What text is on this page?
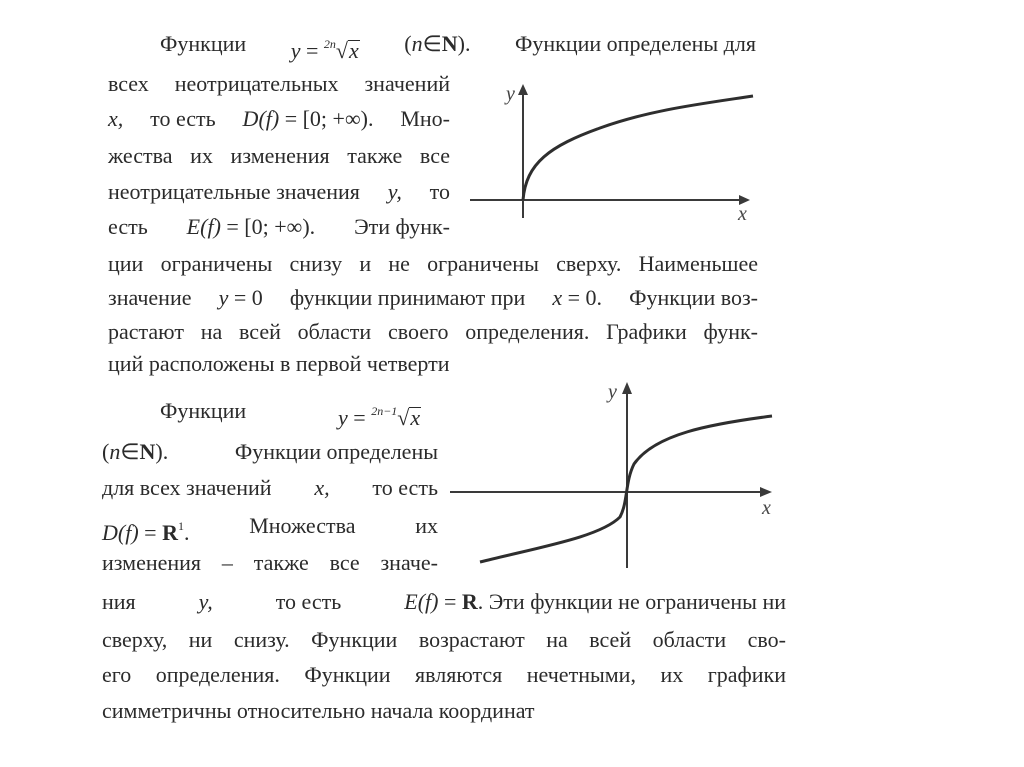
Функции y = $^{2n}$√x (n∈N). Функции определены для
всех неотрицательных значений
x, то есть D(f) = [0; +∞). Мно-
жества их изменения также все
неотрицательные значения y, то
есть E(f) = [0; +∞). Эти функ-
ции ограничены снизу и не ограничены сверху. Наименьшее
значение y = 0 функции принимают при x = 0. Функции воз-
растают на всей области своего определения. Графики функ-
ций расположены в первой четверти
y
x
Функции	y = $^{2n-1}$√x
(n∈N).	Функции определены
для всех значений x, то есть
$D(f) = R^1$.	Множества	их
изменения – также все значе-
ния	y,	то есть	E(f) = R. Эти функции не ограничены ни
сверху, ни снизу. Функции возрастают на всей области сво-
его определения. Функции являются нечетными, их графики
симметричны относительно начала координат
y
x
